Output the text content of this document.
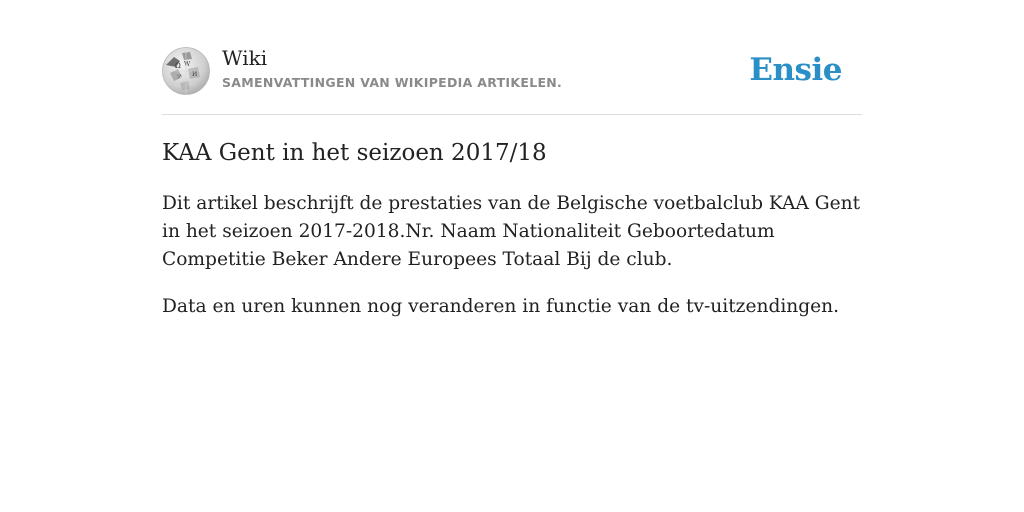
Ω W
И
ア
Wiki
SAMENVATTINGEN VAN WIKIPEDIA ARTIKELEN.	Ensie
KAA Gent in het seizoen 2017/18

Dit artikel beschrijft de prestaties van de Belgische voetbalclub KAA Gent in het seizoen 2017-2018.Nr. Naam Nationaliteit Geboortedatum Competitie Beker Andere Europees Totaal Bij de club.

Data en uren kunnen nog veranderen in functie van de tv-uitzendingen.
